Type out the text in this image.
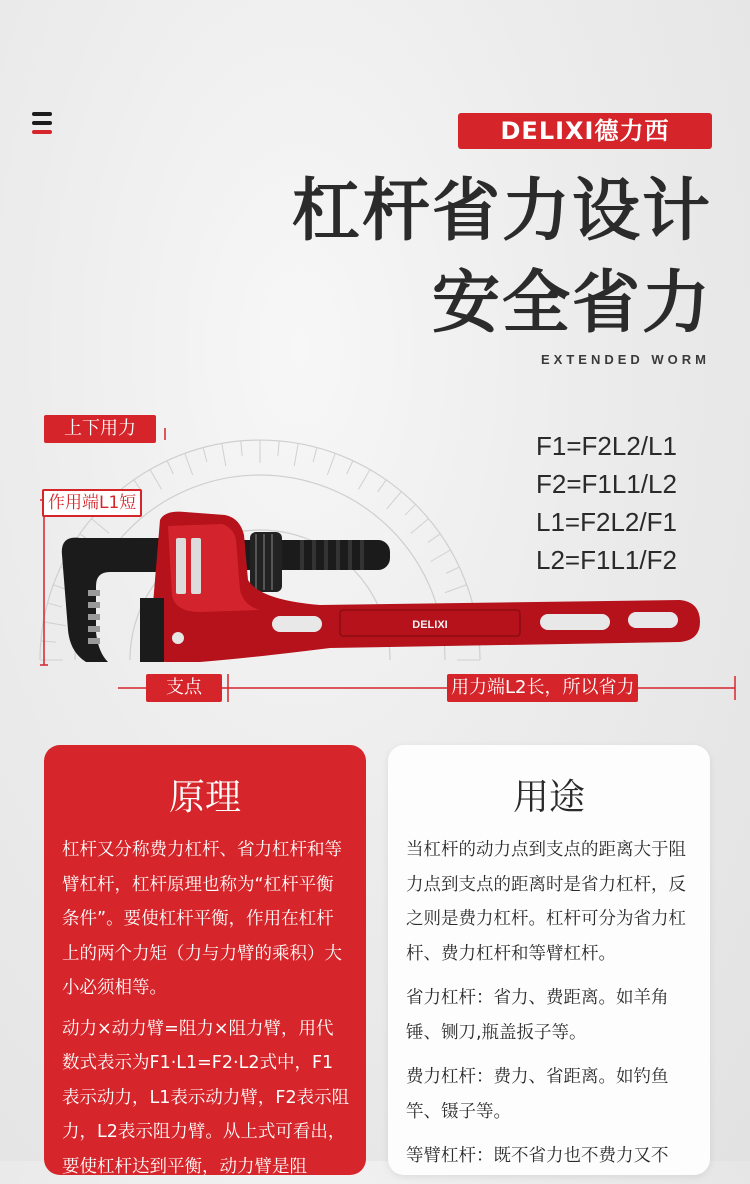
DELIXI德力西
杠杆省力设计
安全省力
EXTENDED WORM
DELIXI
上下用力
作用端L1短
支点	用力端L2长，所以省力
F1=F2L2/L1
F2=F1L1/L2
L1=F2L2/F1
L2=F1L1/F2
原理

杠杆又分称费力杠杆、省力杠杆和等臂杠杆，杠杆原理也称为“杠杆平衡条件”。要使杠杆平衡，作用在杠杆上的两个力矩（力与力臂的乘积）大小必须相等。

动力×动力臂=阻力×阻力臂，用代数式表示为F1·L1=F2·L2式中，F1表示动力，L1表示动力臂，F2表示阻力，L2表示阻力臂。从上式可看出，要使杠杆达到平衡，动力臂是阻

用途

当杠杆的动力点到支点的距离大于阻力点到支点的距离时是省力杠杆，反之则是费力杠杆。杠杆可分为省力杠杆、费力杠杆和等臂杠杆。

省力杠杆：省力、费距离。如羊角锤、铡刀,瓶盖扳子等。

费力杠杆：费力、省距离。如钓鱼竿、镊子等。

等臂杠杆：既不省力也不费力又不
